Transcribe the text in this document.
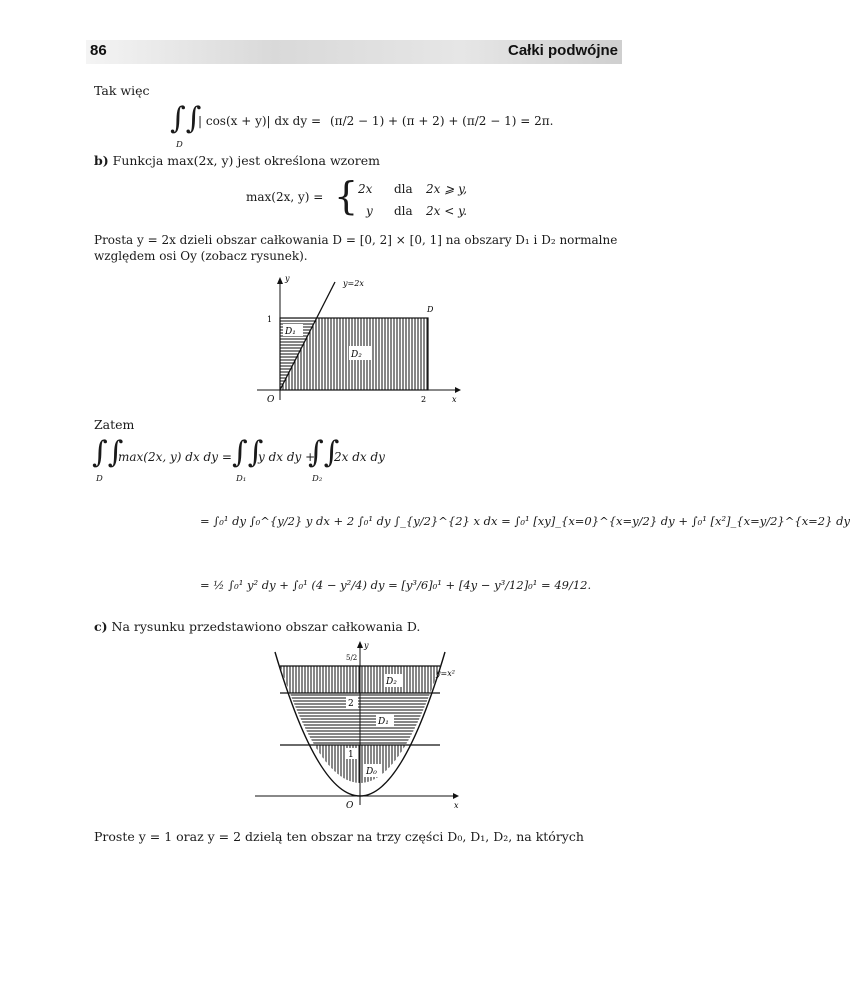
86	Całki podwójne
Tak więc
∫∫
D
| cos(x + y)| dx dy = (π/2 − 1) + (π + 2) + (π/2 − 1) = 2π.
b) Funkcja max(2x, y) jest określona wzorem
max(2x, y) = { 2x dla 2x ⩾ y,
y dla 2x < y.
Prosta y = 2x dzieli obszar całkowania D = [0, 2] × [0, 1] na obszary D₁ i D₂ normalne
względem osi Oy (zobacz rysunek).
y
y=2x
D
1
D₁
D₂
O	2	x
Zatem
∫∫
D
max(2x, y) dx dy = ∫∫
D₁
y dx dy +
∫∫
D₂
2x dx dy
= ∫₀¹ dy ∫₀^{y/2} y dx + 2 ∫₀¹ dy ∫_{y/2}^{2} x dx = ∫₀¹ [xy]_{x=0}^{x=y/2} dy + ∫₀¹ [x²]_{x=y/2}^{x=2} dy
= ½ ∫₀¹ y² dy + ∫₀¹ (4 − y²/4) dy = [y³/6]₀¹ + [4y − y³/12]₀¹ = 49/12.
c) Na rysunku przedstawiono obszar całkowania D.
y
5/2
y=x²
2
1
D₂
D₁
D₀
O	x
Proste y = 1 oraz y = 2 dzielą ten obszar na trzy części D₀, D₁, D₂, na których
